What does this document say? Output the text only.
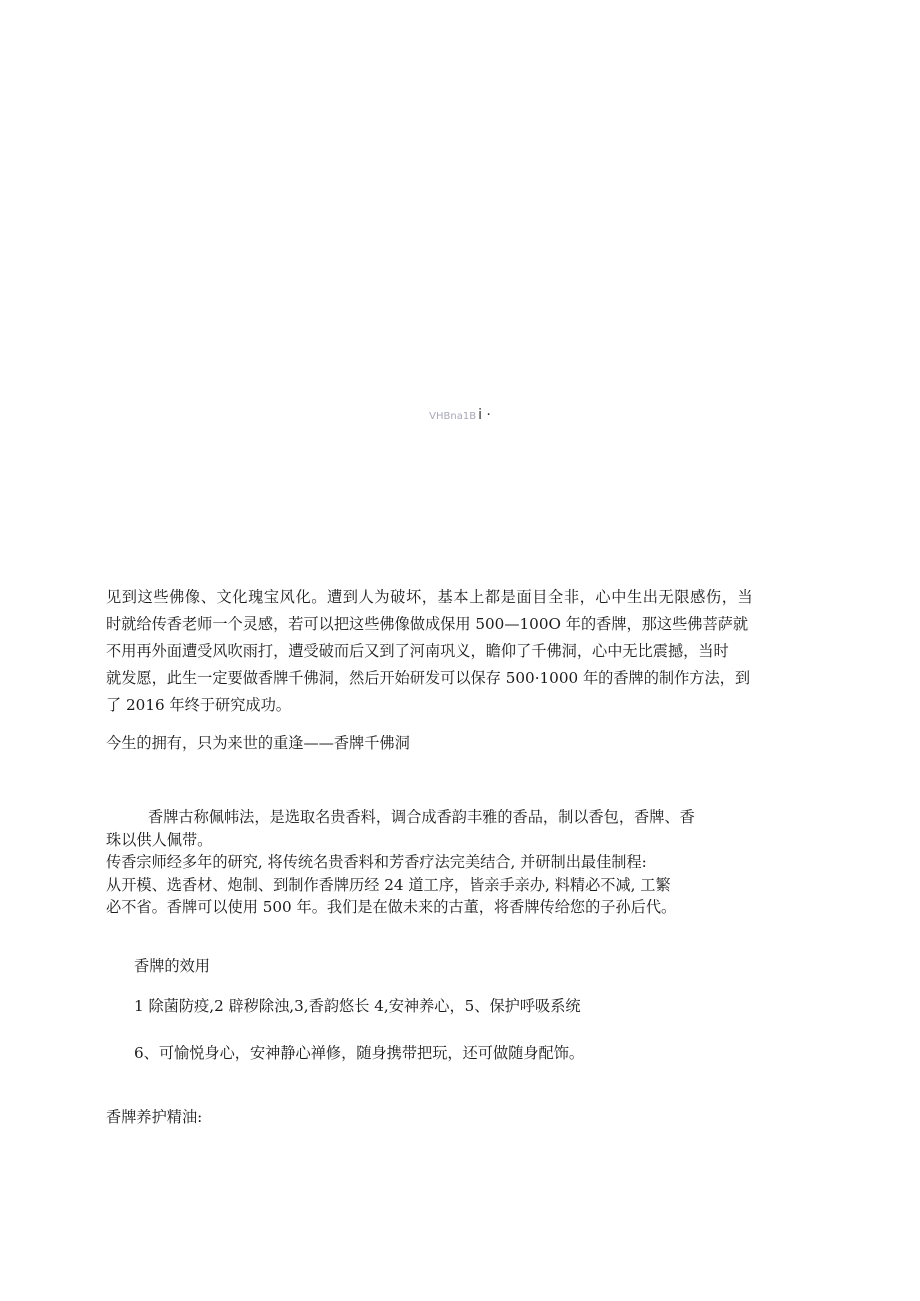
VHBna1B i ·

见到这些佛像、文化瑰宝风化。遭到人为破坏，基本上都是面目全非，心中生出无限感伤，当
时就给传香老师一个灵感，若可以把这些佛像做成保用 500—100O 年的香牌，那这些佛菩萨就
不用再外面遭受风吹雨打，遭受破而后又到了河南巩义，瞻仰了千佛洞，心中无比震撼，当时
就发愿，此生一定要做香牌千佛洞，然后开始研发可以保存 500·1000 年的香牌的制作方法，到
了 2016 年终于研究成功。

今生的拥有，只为来世的重逢——香牌千佛洞

香牌古称佩帏法，是选取名贵香料，调合成香韵丰雅的香品，制以香包，香牌、香
珠以供人佩带。
传香宗师经多年的研究, 将传统名贵香料和芳香疗法完美结合, 并研制出最佳制程:
从开模、选香材、炮制、到制作香牌历经 24 道工序，皆亲手亲办, 料精必不减, 工繁
必不省。香牌可以使用 500 年。我们是在做未来的古董，将香牌传给您的子孙后代。

香牌的效用
1 除菌防疫,2 辟秽除浊,3,香韵悠长 4,安神养心，5、保护呼吸系统
6、可愉悦身心，安神静心禅修，随身携带把玩，还可做随身配饰。
香牌养护精油:
